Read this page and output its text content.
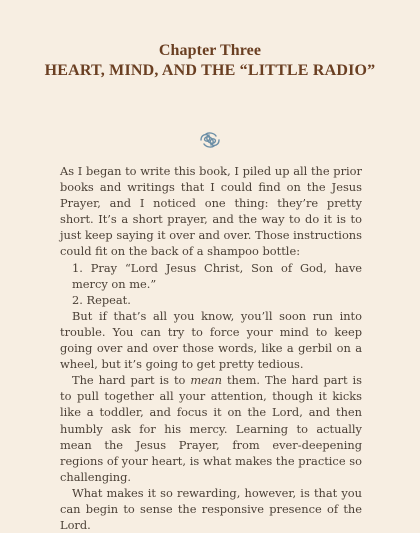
Chapter Three
HEART, MIND, AND THE “LITTLE RADIO”

As I began to write this book, I piled up all the prior books and writings that I could find on the Jesus Prayer, and I noticed one thing: they’re pretty short. It’s a short prayer, and the way to do it is to just keep saying it over and over. Those instructions could fit on the back of a shampoo bottle:

1. Pray “Lord Jesus Christ, Son of God, have mercy on me.”

2. Repeat.

But if that’s all you know, you’ll soon run into trouble. You can try to force your mind to keep going over and over those words, like a gerbil on a wheel, but it’s going to get pretty tedious.

The hard part is to mean them. The hard part is to pull together all your attention, though it kicks like a toddler, and focus it on the Lord, and then humbly ask for his mercy. Learning to actually mean the Jesus Prayer, from ever-deepening regions of your heart, is what makes the practice so challenging.

What makes it so rewarding, however, is that you can begin to sense the responsive presence of the Lord.
